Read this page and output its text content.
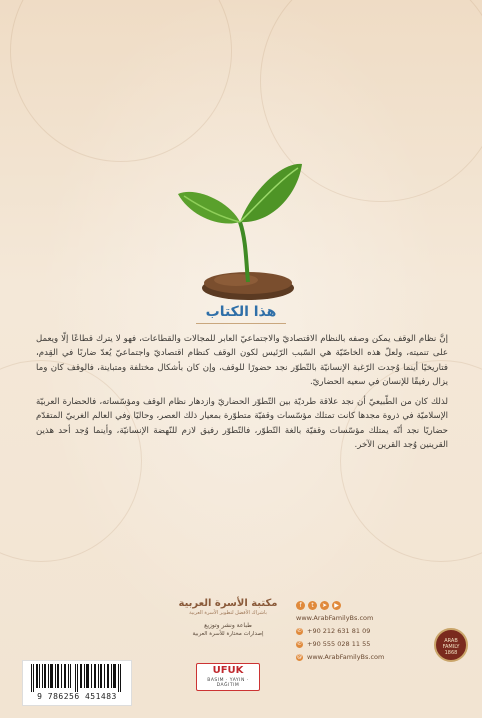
هذا الكتاب

إنَّ نظام الوقف يمكن وصفه بالنظام الاقتصاديّ والاجتماعيّ العابر للمجالات والقطاعات، فهو لا يترك قطاعًا إلّا ويعمل على تنميته، ولعلّ هذه الخاصّيّة هي السّبب الرّئيس لكون الوقف كنظام اقتصاديّ واجتماعيّ يُعدّ ضاربًا في القِدم، فتاريخيًا أينما وُجدت الرّغبة الإنسانيّة بالتّطوّر نجد حضورًا للوقف، وإن كان بأشكال مختلفة ومتباينة، فالوقف كان وما يزال رفيقًا للإنسان في سعيه الحضاريّ.

لذلك كان من الطّبيعيّ أن نجد علاقة طرديّة بين التّطوّر الحضاريّ وازدهار نظام الوقف ومؤسّساته، فالحضارة العربيّة الإسلاميّة في ذروة مجدها كانت تمتلك مؤسّسات وقفيّة متطوّرة بمعيار ذلك العصر، وحاليًا وفي العالم الغربيّ المتقدّم حضاريًا نجد أنّه يمتلك مؤسّسات وقفيّة بالغة التّطوّر، فالتّطوّر رفيق لازم للنّهضة الإنسانيّة، وأينما وُجد أحد هذين القرينين وُجد القرين الآخر.

مكتبة الأسرة العربية
باشراك الأفضل لتطوير الأسرة العربية
طباعة ونشر وتوزيع
إصدارات مختارة للأسرة العربية
UFUK
BASIM · YAYIN · DAĞITIM
9 786256 451483
f	t	➤	▶
www.ArabFamilyBs.com
✆ +90 212 631 81 09
✆ +90 555 028 11 55
@ www.ArabFamilyBs.com
ARAB FAMILY 1868
